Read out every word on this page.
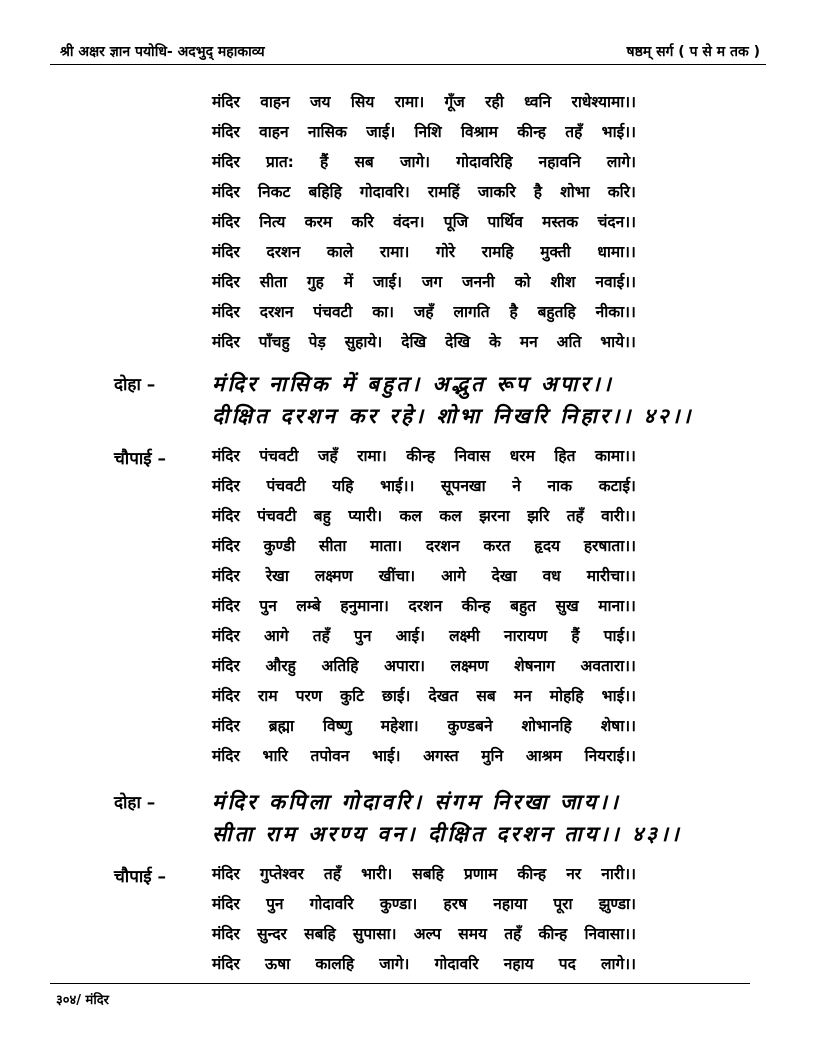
श्री अक्षर ज्ञान पयोधि- अदभुद् महाकाव्य	षष्ठम् सर्ग ( प से म तक )
मंदिर वाहन जय सिय रामा। गूँज रही ध्वनि राधेश्यामा।।
मंदिर वाहन नासिक जाई। निशि विश्राम कीन्ह तहँ भाई।।
मंदिर प्रात: हैं सब जागे। गोदावरिहि नहावनि लागे।
मंदिर निकट बहिहि गोदावरि। रामहिं जाकरि है शोभा करि।
मंदिर नित्य करम करि वंदन। पूजि पार्थिव मस्तक चंदन।।
मंदिर दरशन काले रामा। गोरे रामहि मुक्ती धामा।।
मंदिर सीता गुह में जाई। जग जननी को शीश नवाई।।
मंदिर दरशन पंचवटी का। जहँ लागति है बहुतहि नीका।।
मंदिर पाँचहु पेड़ सुहाये। देखि देखि के मन अति भाये।।
दोहा –	मंदिर नासिक में बहुत। अद्भुत रूप अपार।।
दीक्षित दरशन कर रहे। शोभा निखरि निहार।। ४२।।
चौपाई –	मंदिर पंचवटी जहँ रामा। कीन्ह निवास धरम हित कामा।।
मंदिर पंचवटी यहि भाई।। सूपनखा ने नाक कटाई।
मंदिर पंचवटी बहु प्यारी। कल कल झरना झरि तहँ वारी।।
मंदिर कुण्डी सीता माता। दरशन करत हृदय हरषाता।।
मंदिर रेखा लक्ष्मण खींचा। आगे देखा वध मारीचा।।
मंदिर पुन लम्बे हनुमाना। दरशन कीन्ह बहुत सुख माना।।
मंदिर आगे तहँ पुन आई। लक्ष्मी नारायण हैं पाई।।
मंदिर औरहु अतिहि अपारा। लक्ष्मण शेषनाग अवतारा।।
मंदिर राम परण कुटि छाई। देखत सब मन मोहहि भाई।।
मंदिर ब्रह्मा विष्णु महेशा। कुण्डबने शोभानहि शेषा।।
मंदिर भारि तपोवन भाई। अगस्त मुनि आश्रम नियराई।।
दोहा –	मंदिर कपिला गोदावरि। संगम निरखा जाय।।
सीता राम अरण्य वन। दीक्षित दरशन ताय।। ४३।।
चौपाई –	मंदिर गुप्तेश्वर तहँ भारी। सबहि प्रणाम कीन्ह नर नारी।।
मंदिर पुन गोदावरि कुण्डा। हरष नहाया पूरा झुण्डा।
मंदिर सुन्दर सबहि सुपासा। अल्प समय तहँ कीन्ह निवासा।।
मंदिर ऊषा कालहि जागे। गोदावरि नहाय पद लागे।।
३०४/ मंदिर
